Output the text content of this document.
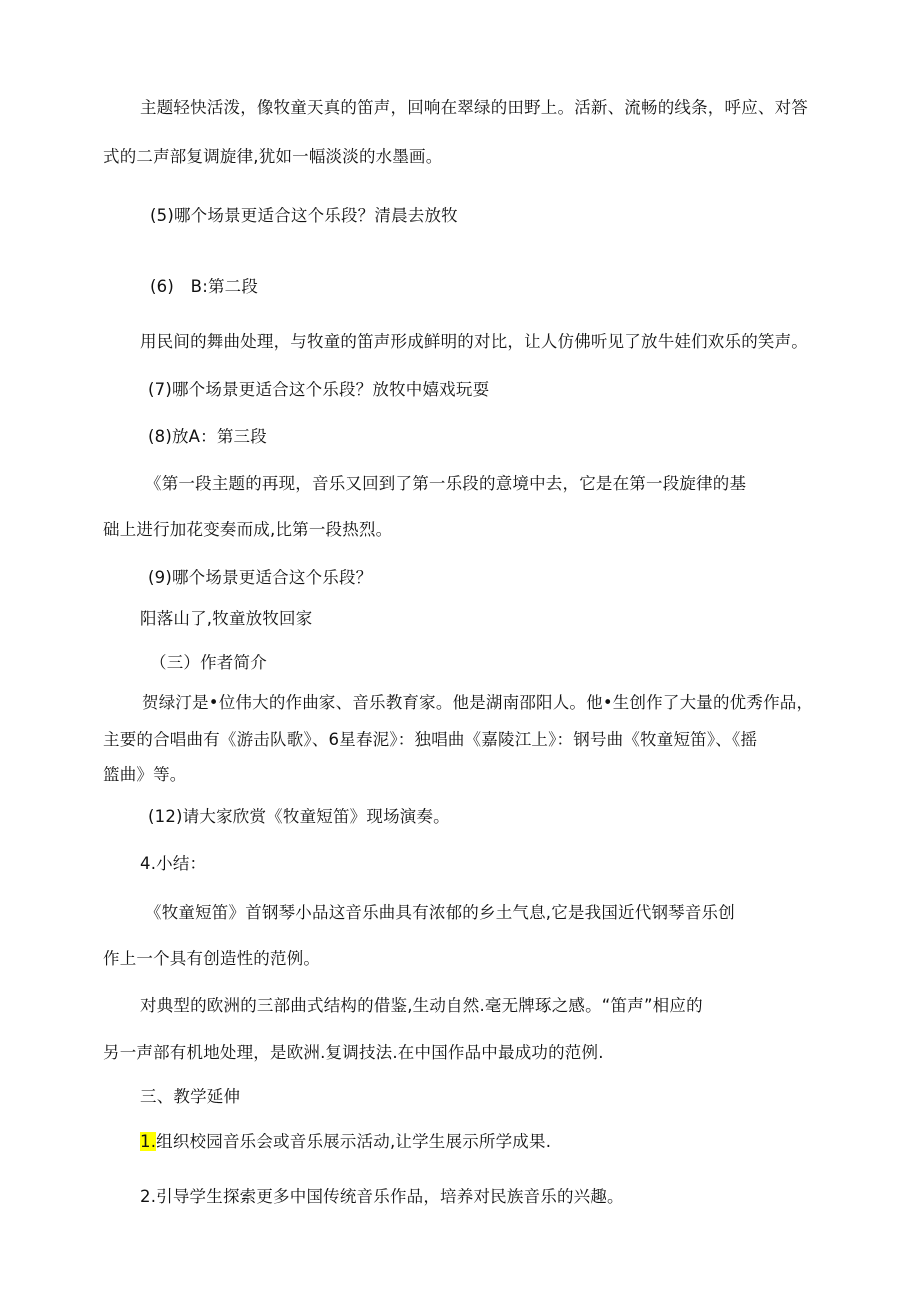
主题轻快活泼，像牧童天真的笛声，回响在翠绿的田野上。活新、流畅的线条，呼应、对答
式的二声部复调旋律,犹如一幅淡淡的水墨画。
(5)哪个场景更适合这个乐段？清晨去放牧
(6)　B:第二段
用民间的舞曲处理，与牧童的笛声形成鲜明的对比，让人仿佛听见了放牛娃们欢乐的笑声。
(7)哪个场景更适合这个乐段？放牧中嬉戏玩耍
(8)放A：第三段
《第一段主题的再现，音乐又回到了第一乐段的意境中去，它是在第一段旋律的基
础上进行加花变奏而成,比第一段热烈。
(9)哪个场景更适合这个乐段？
阳落山了,牧童放牧回家
（三）作者简介
贺绿汀是•位伟大的作曲家、音乐教育家。他是湖南邵阳人。他•生创作了大量的优秀作品，
主要的合唱曲有《游击队歌》、6星春泥》：独唱曲《嘉陵江上》：钢号曲《牧童短笛》、《摇
篮曲》等。
(12)请大家欣赏《牧童短笛》现场演奏。
4.小结：
《牧童短笛》首钢琴小品这音乐曲具有浓郁的乡土气息,它是我国近代钢琴音乐创
作上一个具有创造性的范例。
对典型的欧洲的三部曲式结构的借鉴,生动自然.毫无牌琢之感。“笛声”相应的
另一声部有机地处理，是欧洲.复调技法.在中国作品中最成功的范例.
三、教学延伸
1.组织校园音乐会或音乐展示活动,让学生展示所学成果.
2.引导学生探索更多中国传统音乐作品，培养对民族音乐的兴趣。
